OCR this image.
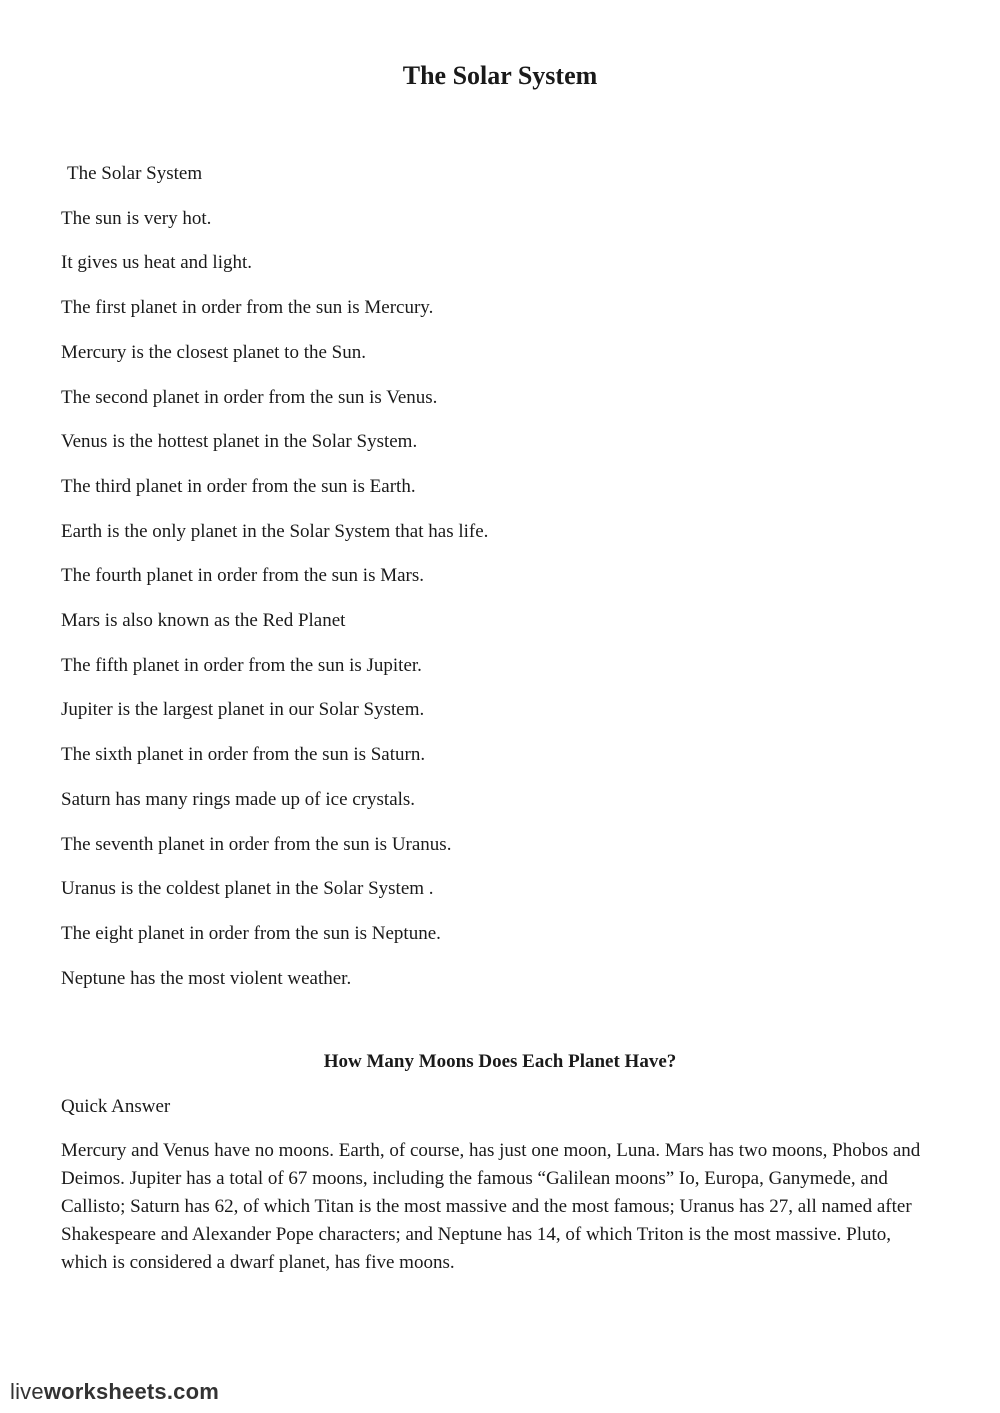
The Solar System

The Solar System

The sun is very hot.

It gives us heat and light.

The first planet in order from the sun is Mercury.

Mercury is the closest planet to the Sun.

The second planet in order from the sun is Venus.

Venus is the hottest planet in the Solar System.

The third planet in order from the sun is Earth.

Earth is the only planet in the Solar System that has life.

The fourth planet in order from the sun is Mars.

Mars is also known as the Red Planet

The fifth planet in order from the sun is Jupiter.

Jupiter is the largest planet in our Solar System.

The sixth planet in order from the sun is Saturn.

Saturn has many rings made up of ice crystals.

The seventh planet in order from the sun is Uranus.

Uranus is the coldest planet in the Solar System .

The eight planet in order from the sun is Neptune.

Neptune has the most violent weather.

How Many Moons Does Each Planet Have?

Quick Answer

Mercury and Venus have no moons. Earth, of course, has just one moon, Luna. Mars has two moons, Phobos and Deimos. Jupiter has a total of 67 moons, including the famous “Galilean moons” Io, Europa, Ganymede, and Callisto; Saturn has 62, of which Titan is the most massive and the most famous; Uranus has 27, all named after Shakespeare and Alexander Pope characters; and Neptune has 14, of which Triton is the most massive. Pluto, which is considered a dwarf planet, has five moons.

liveworksheets.com
